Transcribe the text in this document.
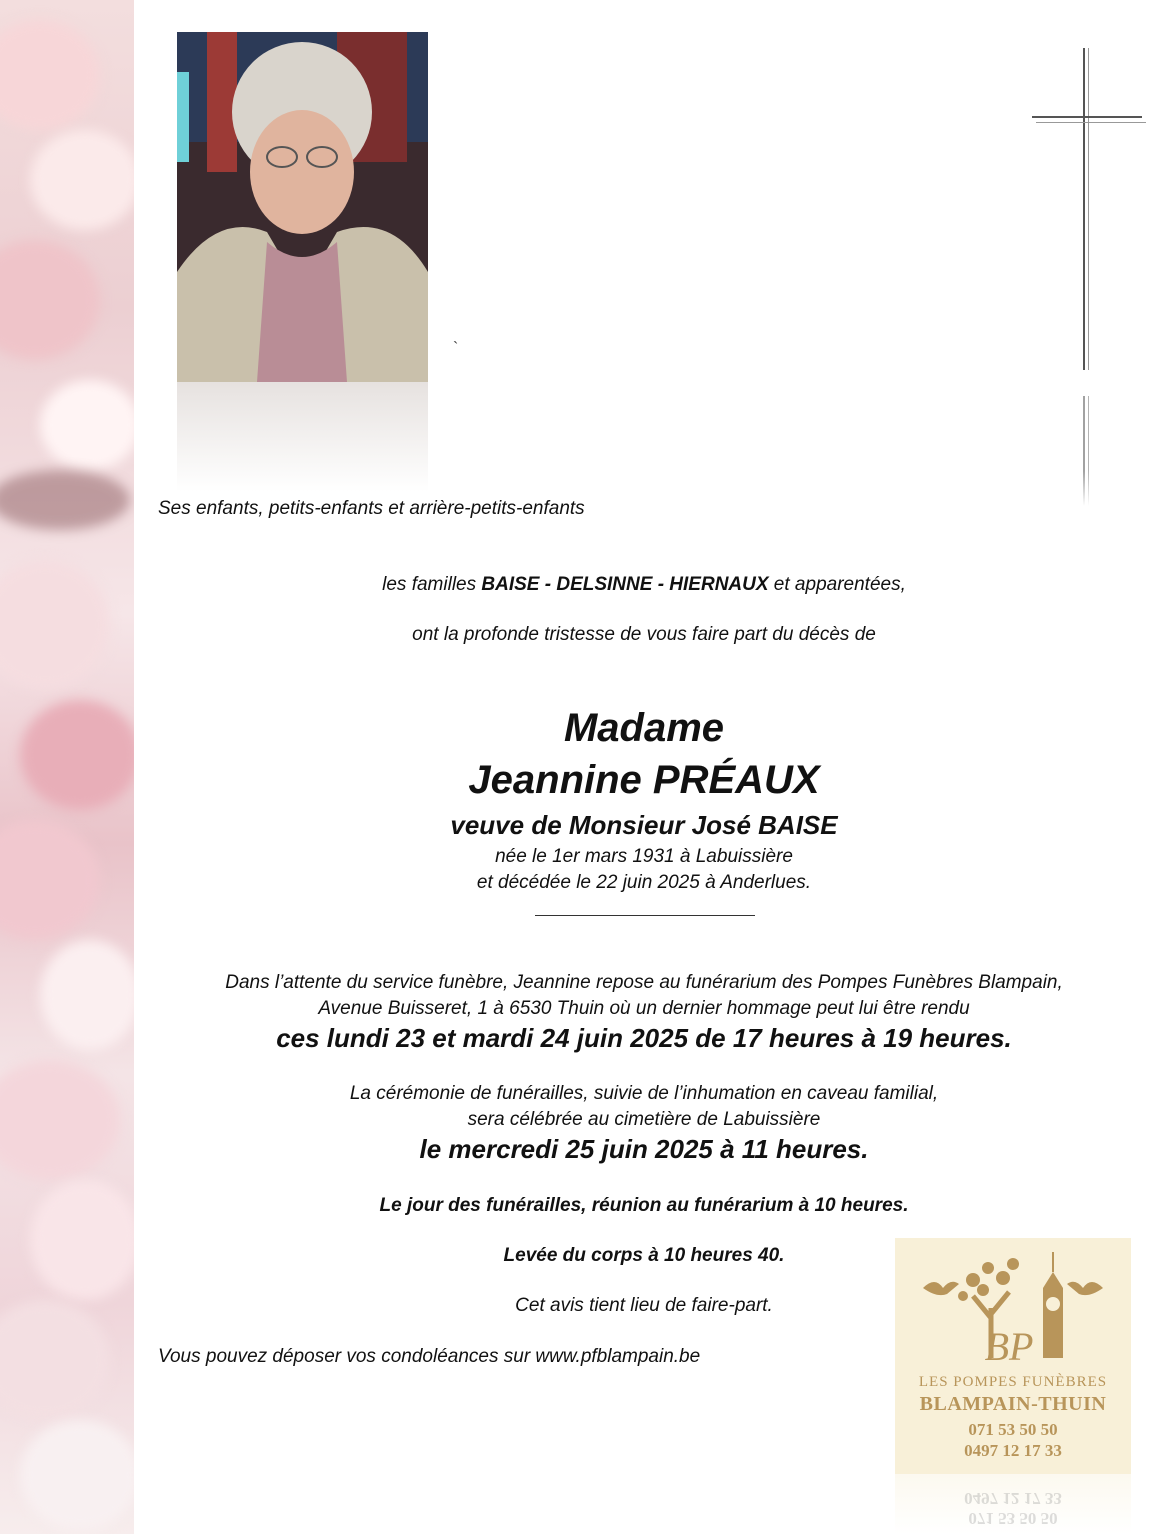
`
Ses enfants, petits-enfants et arrière-petits-enfants
les familles BAISE - DELSINNE - HIERNAUX et apparentées,
ont la profonde tristesse de vous faire part du décès de
Madame
Jeannine PRÉAUX
veuve de Monsieur José BAISE
née le 1er mars 1931 à Labuissière
et décédée le 22 juin 2025 à Anderlues.
Dans l’attente du service funèbre, Jeannine repose au funérarium des Pompes Funèbres Blampain,
Avenue Buisseret, 1 à 6530 Thuin où un dernier hommage peut lui être rendu
ces lundi 23 et mardi 24 juin 2025 de 17 heures à 19 heures.
La cérémonie de funérailles, suivie de l’inhumation en caveau familial,
sera célébrée au cimetière de Labuissière
le mercredi 25 juin 2025 à 11 heures.
Le jour des funérailles, réunion au funérarium à 10 heures.
Levée du corps à 10 heures 40.
Cet avis tient lieu de faire-part.
Vous pouvez déposer vos condoléances sur www.pfblampain.be	BP
LES POMPES FUNÈBRES
BLAMPAIN-THUIN
071 53 50 50
0497 12 17 33
0497 12 17 33
071 53 50 50
